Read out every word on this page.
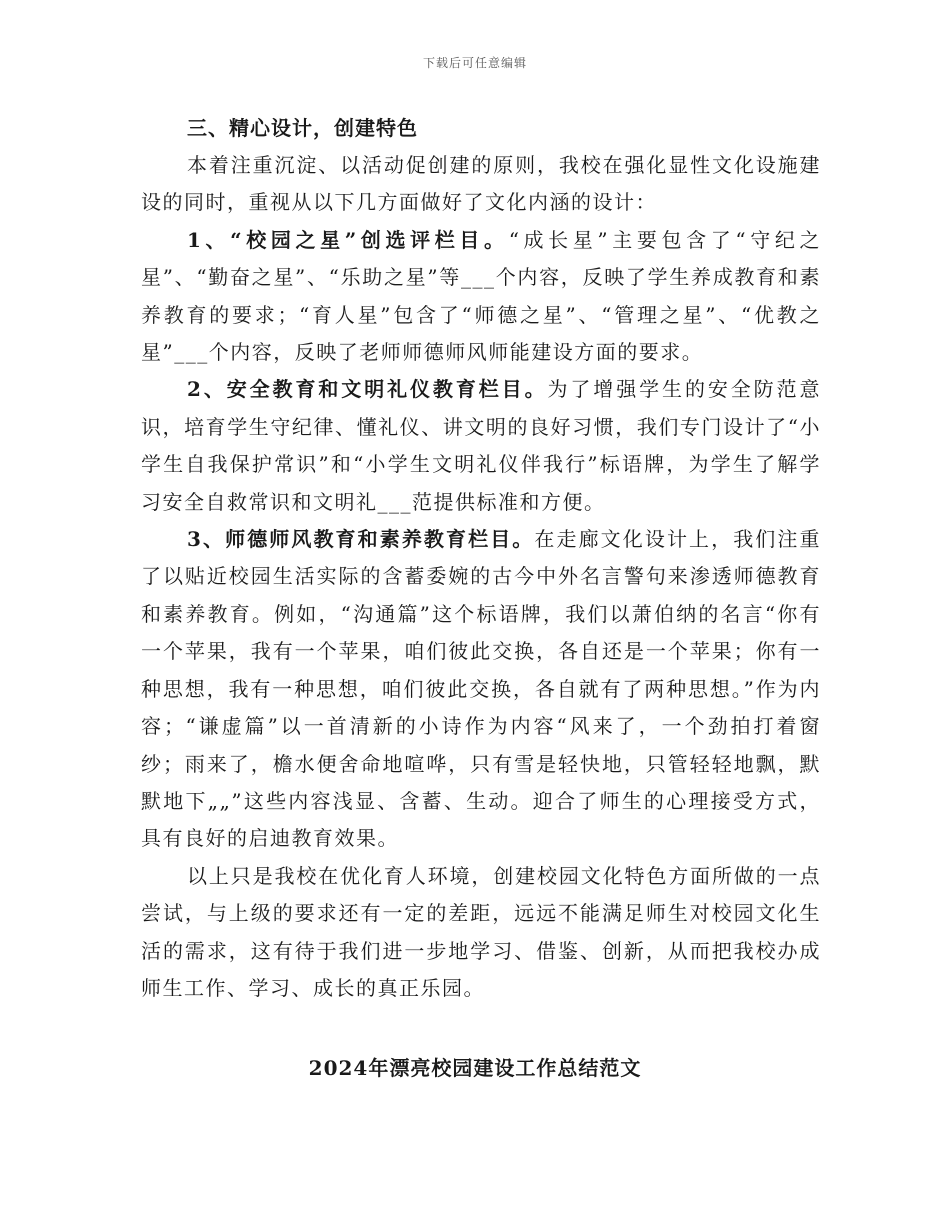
下载后可任意编辑
三、精心设计，创建特色

本着注重沉淀、以活动促创建的原则，我校在强化显性文化设施建设的同时，重视从以下几方面做好了文化内涵的设计：

1、“校园之星”创选评栏目。“成长星”主要包含了“守纪之星”、“勤奋之星”、“乐助之星”等___个内容，反映了学生养成教育和素养教育的要求；“育人星”包含了“师德之星”、“管理之星”、“优教之星”___个内容，反映了老师师德师风师能建设方面的要求。

2、安全教育和文明礼仪教育栏目。为了增强学生的安全防范意识，培育学生守纪律、懂礼仪、讲文明的良好习惯，我们专门设计了“小学生自我保护常识”和“小学生文明礼仪伴我行”标语牌，为学生了解学习安全自救常识和文明礼___范提供标准和方便。

3、师德师风教育和素养教育栏目。在走廊文化设计上，我们注重了以贴近校园生活实际的含蓄委婉的古今中外名言警句来渗透师德教育和素养教育。例如，“沟通篇”这个标语牌，我们以萧伯纳的名言“你有一个苹果，我有一个苹果，咱们彼此交换，各自还是一个苹果；你有一种思想，我有一种思想，咱们彼此交换，各自就有了两种思想。”作为内容；“谦虚篇”以一首清新的小诗作为内容“风来了，一个劲拍打着窗纱；雨来了，檐水便舍命地喧哗，只有雪是轻快地，只管轻轻地飘，默默地下„„”这些内容浅显、含蓄、生动。迎合了师生的心理接受方式，具有良好的启迪教育效果。

以上只是我校在优化育人环境，创建校园文化特色方面所做的一点尝试，与上级的要求还有一定的差距，远远不能满足师生对校园文化生活的需求，这有待于我们进一步地学习、借鉴、创新，从而把我校办成师生工作、学习、成长的真正乐园。

2024年漂亮校园建设工作总结范文
